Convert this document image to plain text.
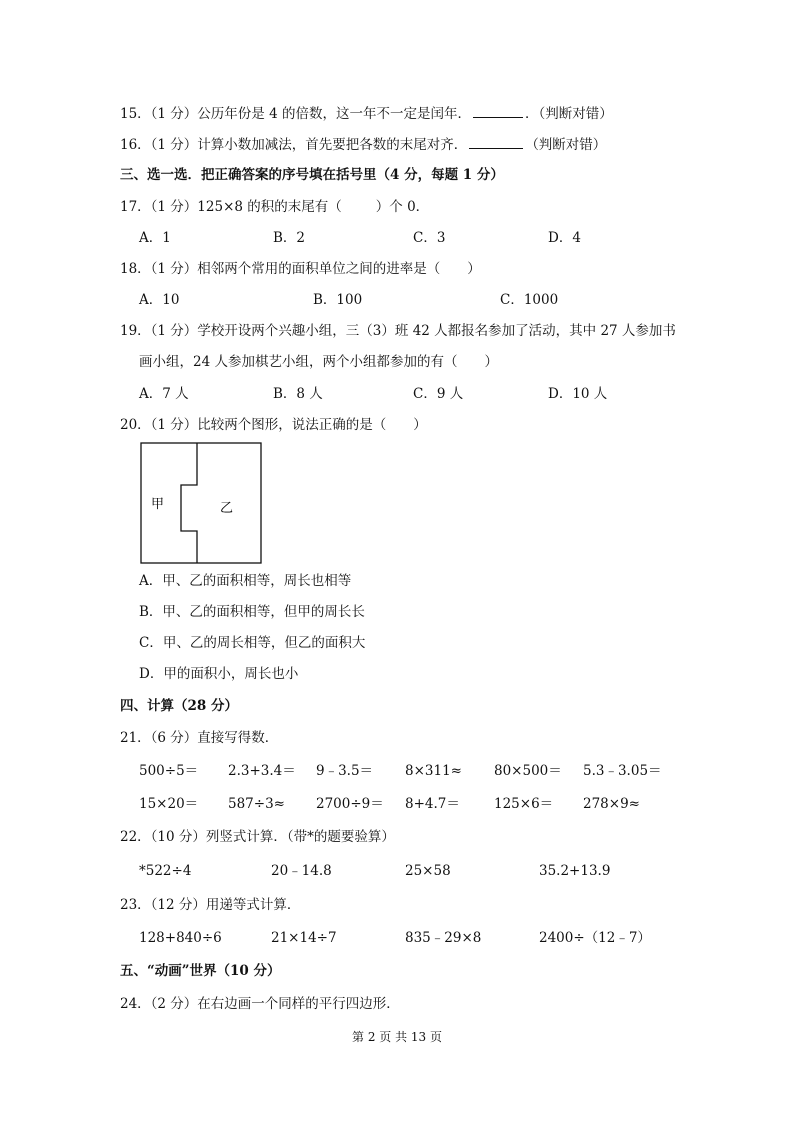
15．（1 分）公历年份是 4 的倍数，这一年不一定是闰年．	．（判断对错）
16．（1 分）计算小数加减法，首先要把各数的末尾对齐．	（判断对错）
三、选一选．把正确答案的序号填在括号里（4 分，每题 1 分）
17．（1 分）125×8 的积的末尾有（	）个 0．
A．1	B．2	C．3	D．4
18．（1 分）相邻两个常用的面积单位之间的进率是（　　）
A．10	B．100	C．1000
19．（1 分）学校开设两个兴趣小组，三（3）班 42 人都报名参加了活动，其中 27 人参加书
画小组，24 人参加棋艺小组，两个小组都参加的有（　　）
A．7 人	B．8 人	C．9 人	D．10 人
20．（1 分）比较两个图形，说法正确的是（　　）
甲	乙
A．甲、乙的面积相等，周长也相等
B．甲、乙的面积相等，但甲的周长长
C．甲、乙的周长相等，但乙的面积大
D．甲的面积小，周长也小
四、计算（28 分）
21．（6 分）直接写得数．
500÷5＝ 2.3+3.4＝ 9﹣3.5＝ 8×311≈ 80×500＝ 5.3﹣3.05＝
15×20＝ 587÷3≈ 2700÷9＝ 8+4.7＝	125×6＝ 278×9≈
22．（10 分）列竖式计算．（带*的题要验算）
*522÷4	20﹣14.8	25×58	35.2+13.9
23．（12 分）用递等式计算．
128+840÷6	21×14÷7	835﹣29×8	2400÷（12﹣7）
五、“动画”世界（10 分）
24．（2 分）在右边画一个同样的平行四边形．
第 2 页 共 13 页
